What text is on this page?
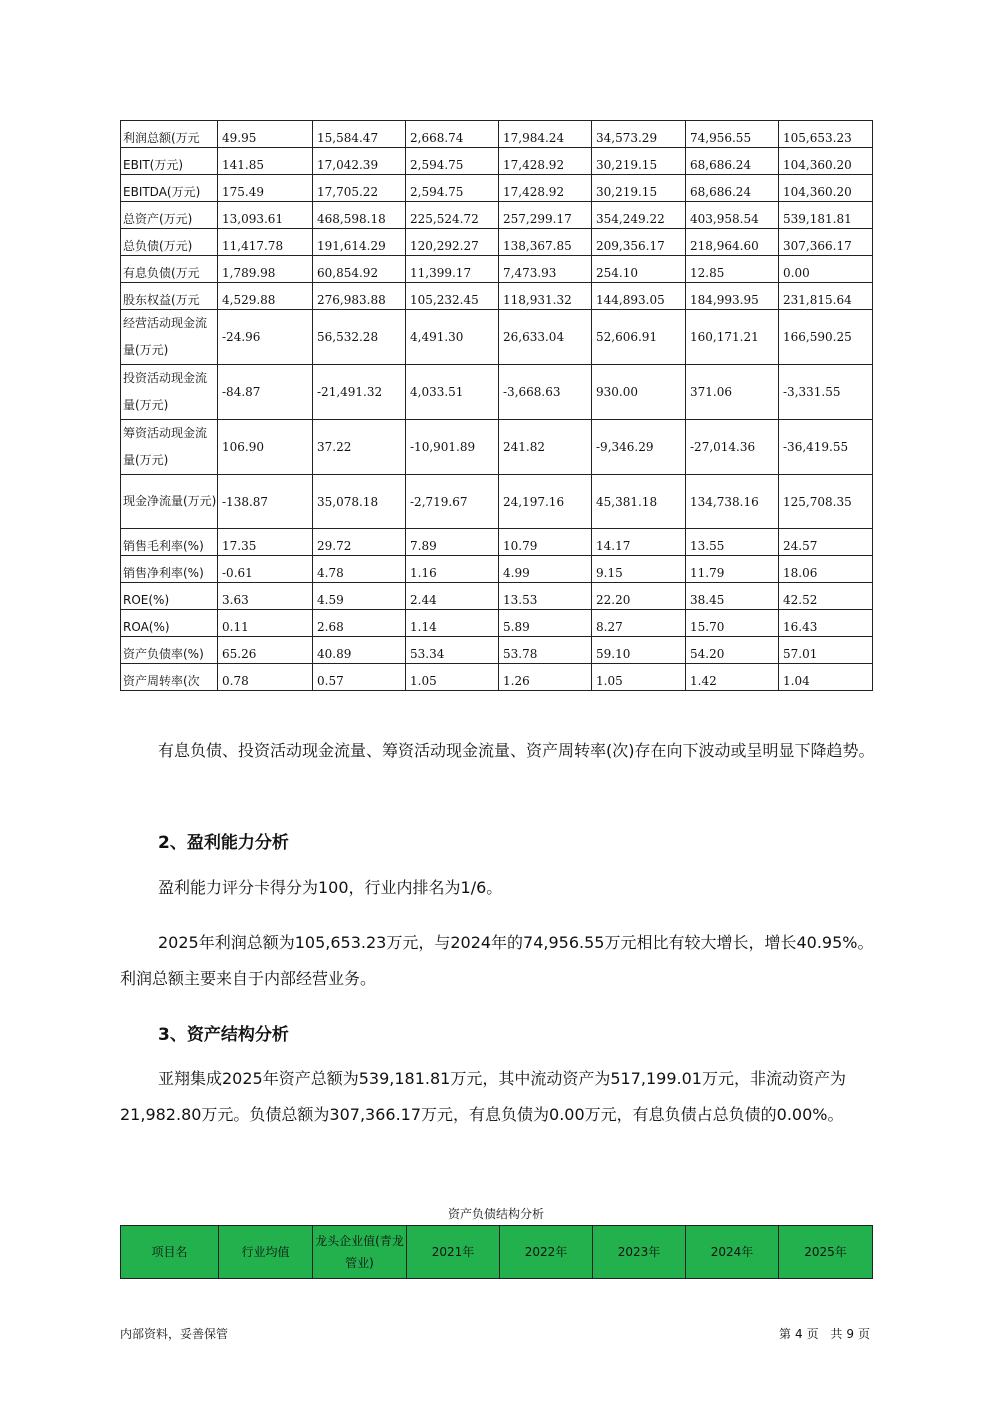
利润总额(万元	49.95	15,584.47	2,668.74	17,984.24	34,573.29	74,956.55	105,653.23
EBIT(万元)	141.85	17,042.39	2,594.75	17,428.92	30,219.15	68,686.24	104,360.20
EBITDA(万元)	175.49	17,705.22	2,594.75	17,428.92	30,219.15	68,686.24	104,360.20
总资产(万元)	13,093.61	468,598.18	225,524.72	257,299.17	354,249.22	403,958.54	539,181.81
总负债(万元)	11,417.78	191,614.29	120,292.27	138,367.85	209,356.17	218,964.60	307,366.17
有息负债(万元	1,789.98	60,854.92	11,399.17	7,473.93	254.10	12.85	0.00
股东权益(万元	4,529.88	276,983.88	105,232.45	118,931.32	144,893.05	184,993.95	231,815.64
经营活动现金流量(万元)	-24.96	56,532.28	4,491.30	26,633.04	52,606.91	160,171.21	166,590.25
投资活动现金流量(万元)	-84.87	-21,491.32	4,033.51	-3,668.63	930.00	371.06	-3,331.55
筹资活动现金流量(万元)	106.90	37.22	-10,901.89	241.82	-9,346.29	-27,014.36	-36,419.55
现金净流量(万元)	-138.87	35,078.18	-2,719.67	24,197.16	45,381.18	134,738.16	125,708.35
销售毛利率(%)	17.35	29.72	7.89	10.79	14.17	13.55	24.57
销售净利率(%)	-0.61	4.78	1.16	4.99	9.15	11.79	18.06
ROE(%)	3.63	4.59	2.44	13.53	22.20	38.45	42.52
ROA(%)	0.11	2.68	1.14	5.89	8.27	15.70	16.43
资产负债率(%)	65.26	40.89	53.34	53.78	59.10	54.20	57.01
资产周转率(次	0.78	0.57	1.05	1.26	1.05	1.42	1.04

有息负债、投资活动现金流量、筹资活动现金流量、资产周转率(次)存在向下波动或呈明显下降趋势。

2、盈利能力分析

盈利能力评分卡得分为100，行业内排名为1/6。

2025年利润总额为105,653.23万元，与2024年的74,956.55万元相比有较大增长，增长40.95%。利润总额主要来自于内部经营业务。

3、资产结构分析

亚翔集成2025年资产总额为539,181.81万元，其中流动资产为517,199.01万元，非流动资产为21,982.80万元。负债总额为307,366.17万元，有息负债为0.00万元，有息负债占总负债的0.00%。

资产负债结构分析
项目名	行业均值	龙头企业值(青龙管业)	2021年	2022年	2023年	2024年	2025年
内部资料，妥善保管	第 4 页 共 9 页
